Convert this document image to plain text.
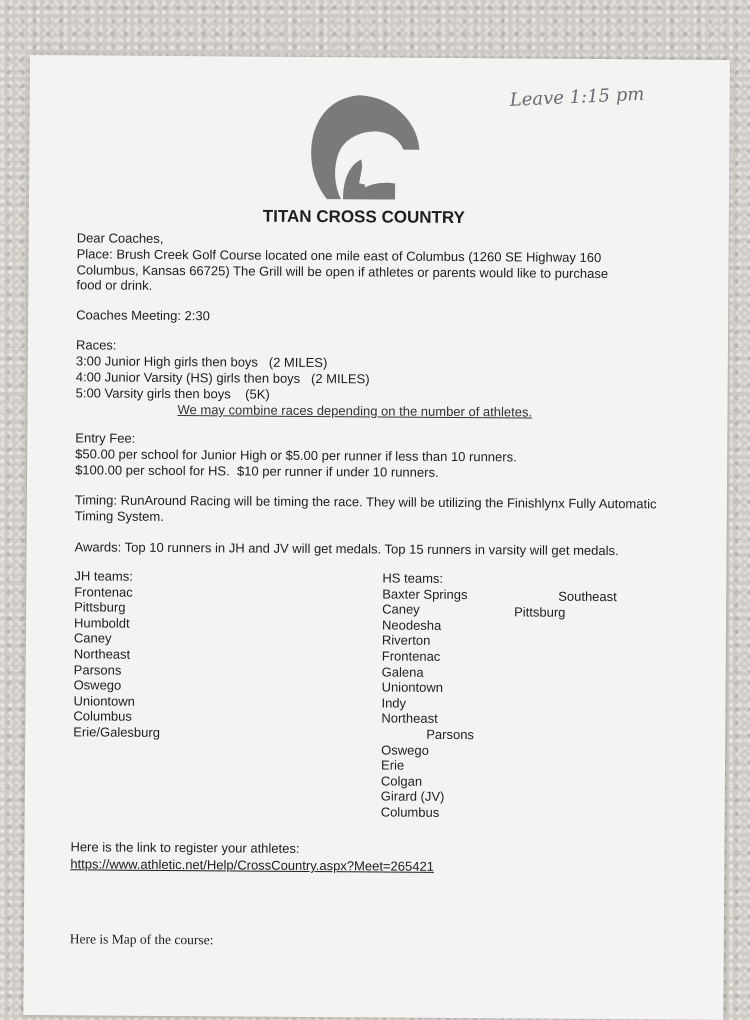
Leave 1:15 pm
TITAN CROSS COUNTRY
Dear Coaches,
Place: Brush Creek Golf Course located one mile east of Columbus (1260 SE Highway 160 Columbus, Kansas 66725) The Grill will be open if athletes or parents would like to purchase food or drink.
Coaches Meeting: 2:30
Races:
3:00 Junior High girls then boys   (2 MILES)
4:00 Junior Varsity (HS) girls then boys   (2 MILES)
5:00 Varsity girls then boys    (5K)
We may combine races depending on the number of athletes.
Entry Fee:
$50.00 per school for Junior High or $5.00 per runner if less than 10 runners.
$100.00 per school for HS.  $10 per runner if under 10 runners.
Timing: RunAround Racing will be timing the race. They will be utilizing the Finishlynx Fully Automatic Timing System.
Awards: Top 10 runners in JH and JV will get medals. Top 15 runners in varsity will get medals.
JH teams:
Frontenac
Pittsburg
Humboldt
Caney
Northeast
Parsons
Oswego
Uniontown
Columbus
Erie/Galesburg
HS teams:
Baxter Springs
Caney
Neodesha
Riverton
Frontenac
Galena
Uniontown
Indy
Northeast
Parsons
Oswego
Erie
Colgan
Girard (JV)
Columbus
Southeast
Pittsburg
Here is the link to register your athletes:
https://www.athletic.net/Help/CrossCountry.aspx?Meet=265421
Here is Map of the course:
